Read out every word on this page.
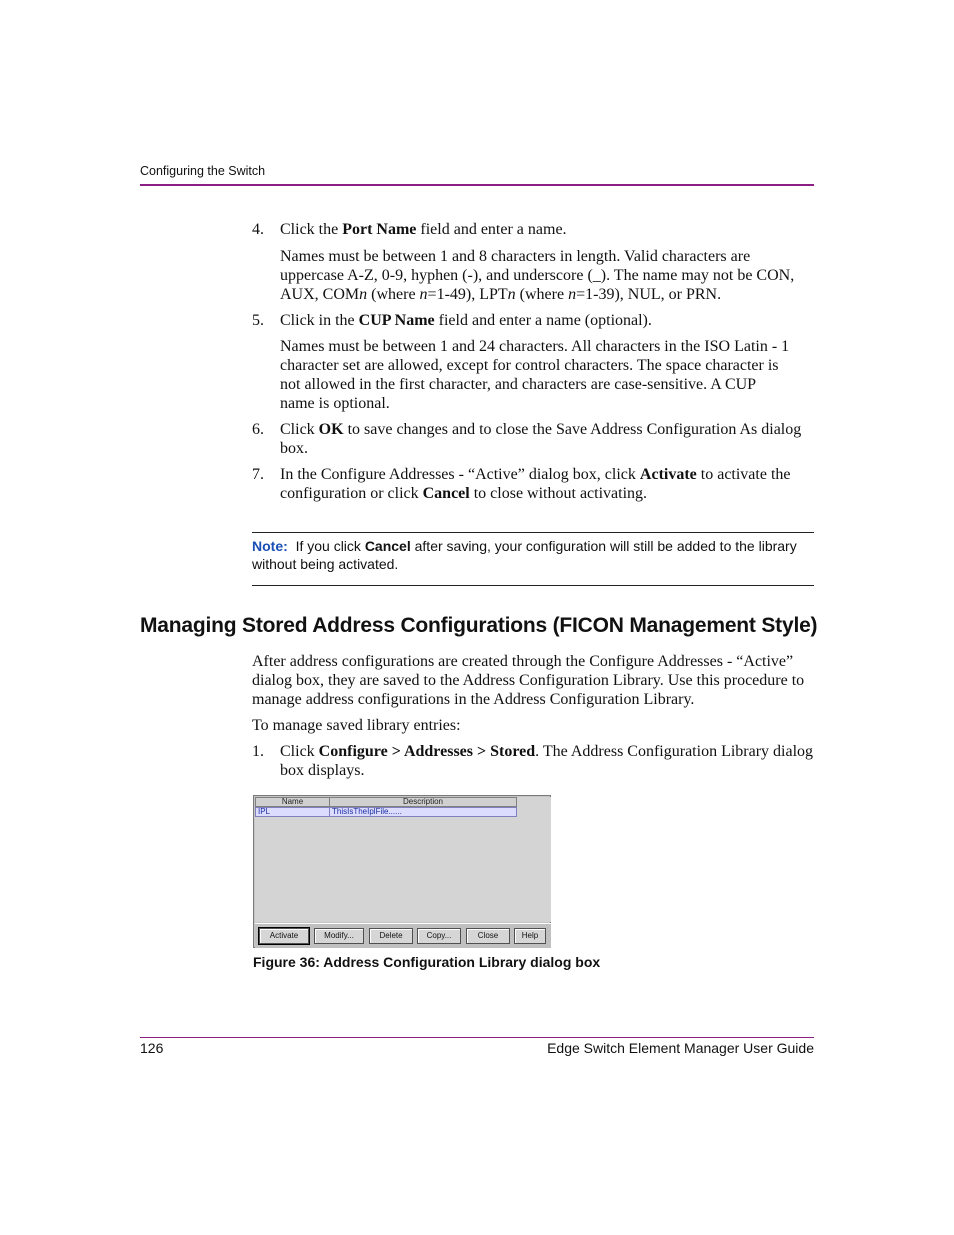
Configuring the Switch
4.	Click the Port Name field and enter a name.
Names must be between 1 and 8 characters in length. Valid characters are uppercase A-Z, 0-9, hyphen (-), and underscore (_). The name may not be CON, AUX, COMn (where n=1-49), LPTn (where n=1-39), NUL, or PRN.
5.	Click in the CUP Name field and enter a name (optional).
Names must be between 1 and 24 characters. All characters in the ISO Latin - 1 character set are allowed, except for control characters. The space character is not allowed in the first character, and characters are case-sensitive. A CUP name is optional.
6.	Click OK to save changes and to close the Save Address Configuration As dialog box.
7.	In the Configure Addresses - “Active” dialog box, click Activate to activate the configuration or click Cancel to close without activating.
Note: If you click Cancel after saving, your configuration will still be added to the library without being activated.
Managing Stored Address Configurations (FICON Management Style)
After address configurations are created through the Configure Addresses - “Active” dialog box, they are saved to the Address Configuration Library. Use this procedure to manage address configurations in the Address Configuration Library.
To manage saved library entries:
1.	Click Configure > Addresses > Stored. The Address Configuration Library dialog box displays.
Name	Description
IPL	ThisIsTheIplFile......
Activate	Modify...	Delete	Copy...	Close	Help
Figure 36: Address Configuration Library dialog box
126	Edge Switch Element Manager User Guide
